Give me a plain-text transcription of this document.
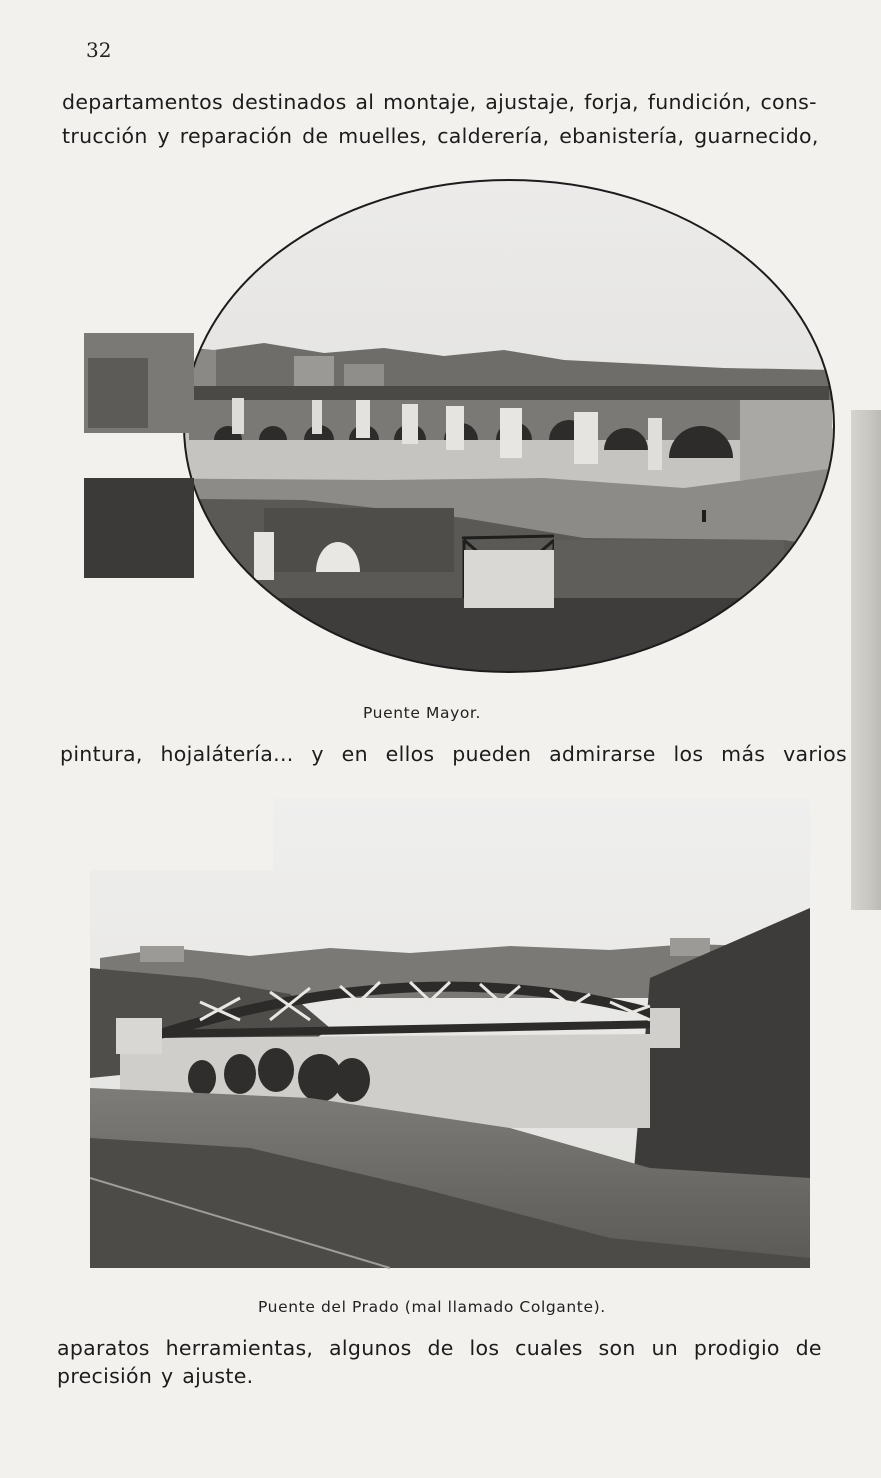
32
departamentos destinados al montaje, ajustaje, forja, fundición, cons-
trucción y reparación de muelles, calderería, ebanistería, guarnecido,
Puente Mayor.
pintura, hojalátería... y en ellos pueden admirarse los más varios
Puente del Prado (mal llamado Colgante).
aparatos herramientas, algunos de los cuales son un prodigio de
precisión y ajuste.
